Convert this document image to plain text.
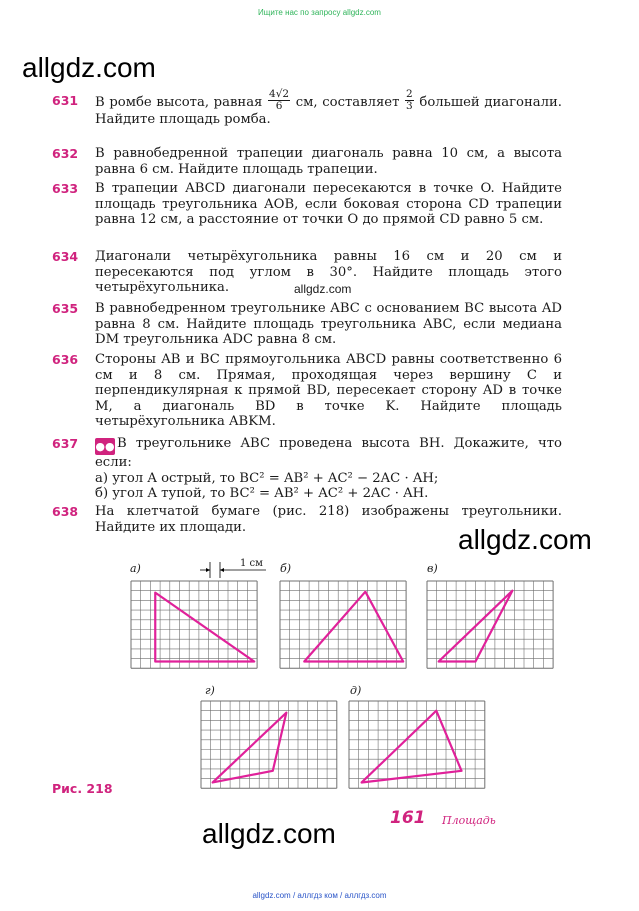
Ищите нас по запросу allgdz.com
allgdz.com
allgdz.com
631 В ромбе высота, равная $\frac{4√2}{6}$ см, составляет $\frac{2}{3}$ большей диагонали. Найдите площадь ромба.
632 В равнобедренной трапеции диагональ равна 10 см, а высота равна 6 см. Найдите площадь трапеции.
633 В трапеции ABCD диагонали пересекаются в точке O. Найдите площадь треугольника AOB, если боковая сторона CD трапеции равна 12 см, а расстояние от точки O до прямой CD равно 5 см.
634 Диагонали четырёхугольника равны 16 см и 20 см и пересекаются под углом в 30°. Найдите площадь этого четырёхугольника.
635 В равнобедренном треугольнике ABC с основанием BC высота AD равна 8 см. Найдите площадь треугольника ABC, если медиана DM треугольника ADC равна 8 см.
636 Стороны AB и BC прямоугольника ABCD равны соответственно 6 см и 8 см. Прямая, проходящая через вершину C и перпендикулярная к прямой BD, пересекает сторону AD в точке M, а диагональ BD в точке K. Найдите площадь четырёхугольника ABKM.
637 ●● В треугольнике ABC проведена высота BH. Докажите, что если:
а) угол A острый, то BC² = AB² + AC² − 2AC · AH;
б) угол A тупой, то BC² = AB² + AC² + 2AC · AH.
638 На клетчатой бумаге (рис. 218) изображены треугольники. Найдите их площади.	allgdz.com
а)	б)	в)
г)	д)
1 см
Рис. 218
allgdz.com	161 Площадь
allgdz.com / аллгдз ком / аллгдз.com
